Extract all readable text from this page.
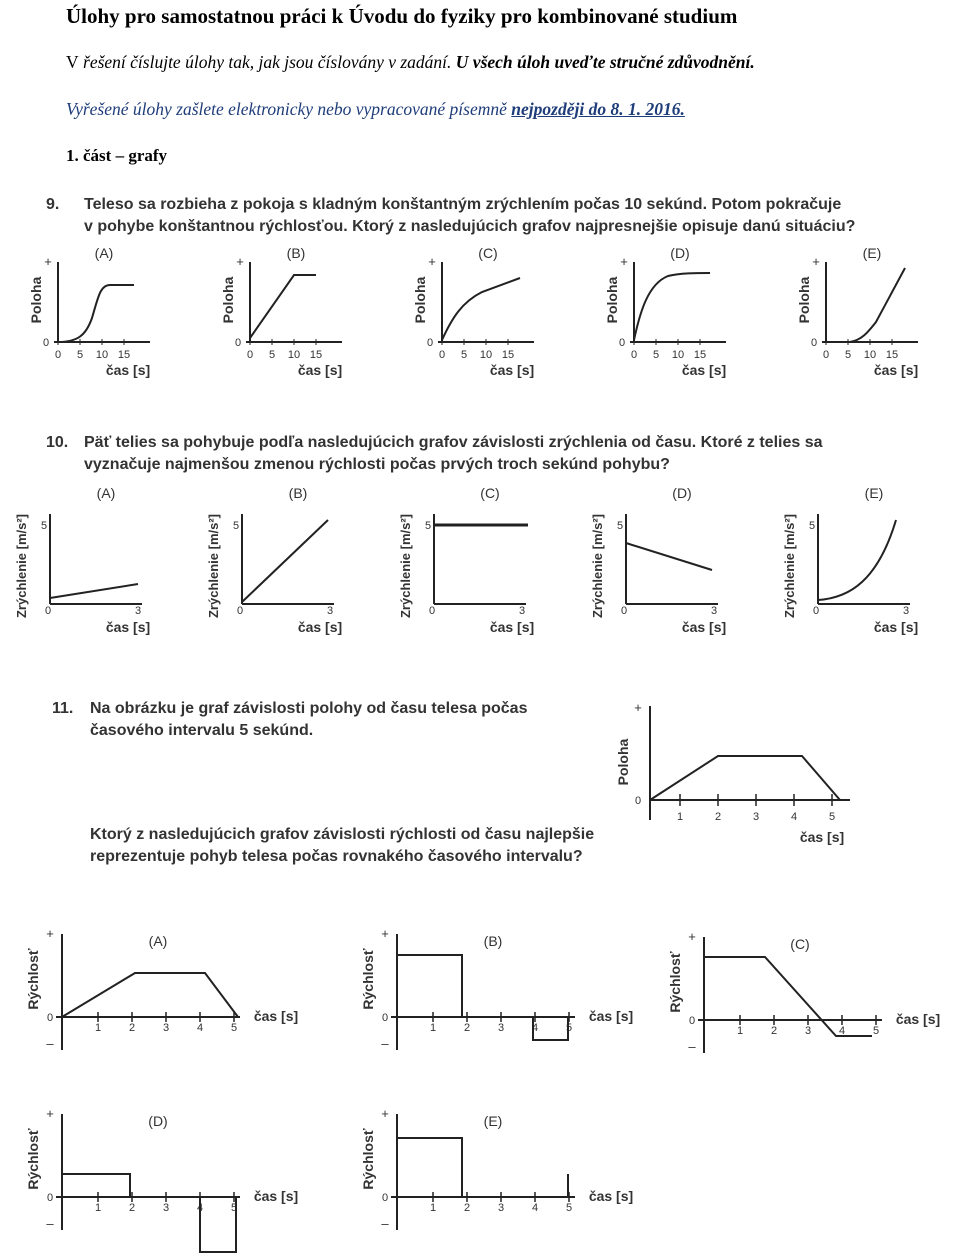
Úlohy pro samostatnou práci k Úvodu do fyziky pro kombinované studium
V řešení číslujte úlohy tak, jak jsou číslovány v zadání. U všech úloh uveďte stručné zdůvodnění.
Vyřešené úlohy zašlete elektronicky nebo vypracované písemně nejpozději do 8. 1. 2016.
1. část – grafy
9. Teleso sa rozbieha z pokoja s kladným konštantným zrýchlením počas 10 sekúnd. Potom pokračuje
v pohybe konštantnou rýchlosťou. Ktorý z nasledujúcich grafov najpresnejšie opisuje danú situáciu?
10. Päť telies sa pohybuje podľa nasledujúcich grafov závislosti zrýchlenia od času. Ktoré z telies sa
vyznačuje najmenšou zmenou rýchlosti počas prvých troch sekúnd pohybu?
11. Na obrázku je graf závislosti polohy od času telesa počas
časového intervalu 5 sekúnd.
Ktorý z nasledujúcich grafov závislosti rýchlosti od času najlepšie
reprezentuje pohyb telesa počas rovnakého časového intervalu?
+
0
(A)
Poloha
0 5 10 15
čas [s]
+
0
(B)
Poloha
0 5 10 15
čas [s]
+
0
(C)
Poloha
0 5 10 15
čas [s]
+
0
(D)
Poloha
0 5 10 15
čas [s]
+
0
(E)
Poloha
0 5 10 15
čas [s]
5
0	3
(A)
Zrýchlenie [m/s²]
čas [s]
5
0	3
(B)
Zrýchlenie [m/s²]
čas [s]
5
0	3
(C)
Zrýchlenie [m/s²]
čas [s]
5
0	3
(D)
Zrýchlenie [m/s²]
čas [s]
5
0	3
(E)
Zrýchlenie [m/s²]
čas [s]
+
0
Poloha
1	2	3	4	5
čas [s]
+
0
–
Rýchlosť
1	2	3	4	5
čas [s]
(A)	+
0
–
Rýchlosť
1	2	3	4	5
čas [s]
(B)	+
0
–
Rýchlosť
1	2	3	4	5
čas [s]
(C)
+
0
–
Rýchlosť
1	2	3	4	5
čas [s]
(D)	+
0
–
Rýchlosť
1	2	3	4	5
čas [s]
(E)
